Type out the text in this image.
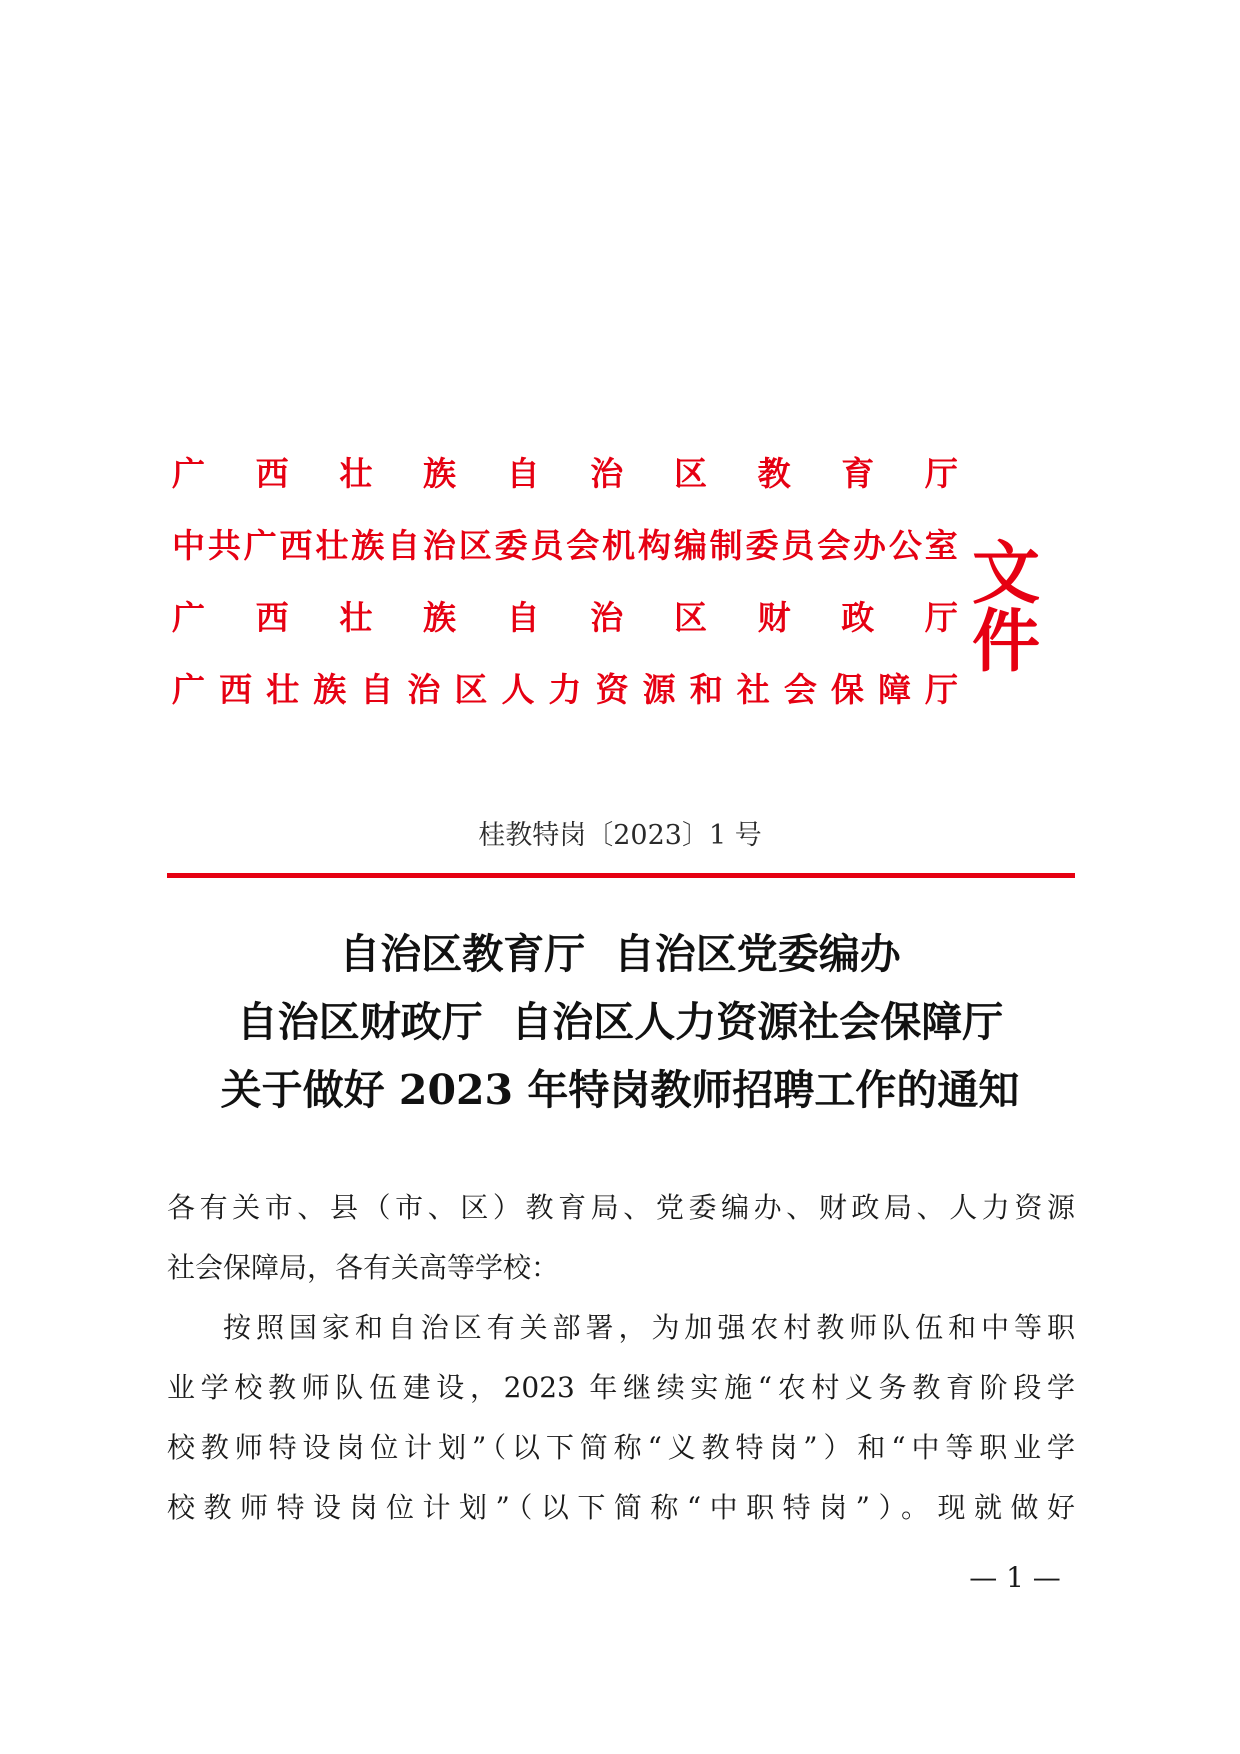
广 西 壮 族 自 治 区 教 育 厅
中 共 广 西 壮 族 自 治 区 委 员 会 机 构 编 制 委 员 会 办 公 室
广 西 壮 族 自 治 区 财 政 厅
广 西 壮 族 自 治 区 人 力 资 源 和 社 会 保 障 厅
文件
桂教特岗〔2023〕1 号
自治区教育厅  自治区党委编办
自治区财政厅  自治区人力资源社会保障厅
关于做好 2023 年特岗教师招聘工作的通知
各有关市、县（市、区）教育局、党委编办、财政局、人力资源
社会保障局，各有关高等学校：
按照国家和自治区有关部署，为加强农村教师队伍和中等职
业学校教师队伍建设，2023 年继续实施“农村义务教育阶段学
校教师特设岗位计划”（以下简称“义教特岗”）和“中等职业学
校教师特设岗位计划”（以下简称“中职特岗”）。现就做好
— 1 —
